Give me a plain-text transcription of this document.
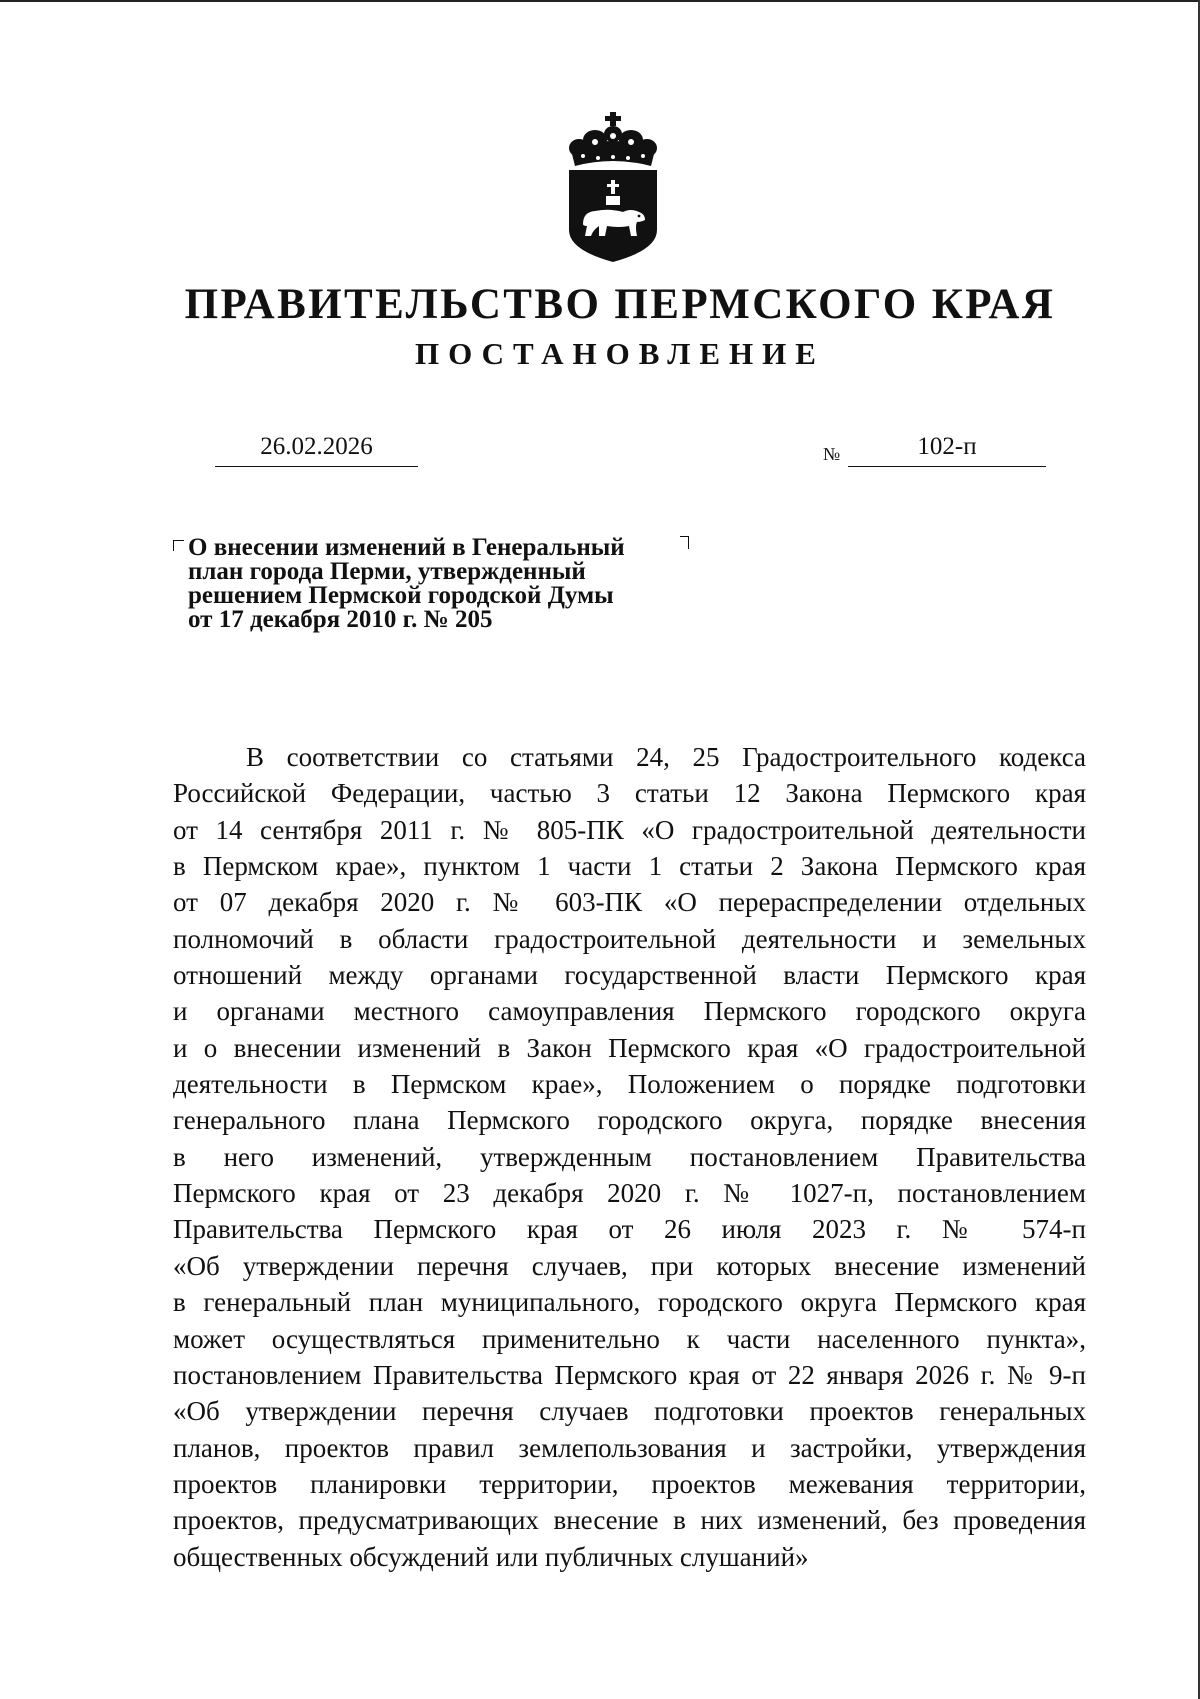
ПРАВИТЕЛЬСТВО ПЕРМСКОГО КРАЯ
ПОСТАНОВЛЕНИЕ
26.02.2026	№	102-п
О внесении изменений в Генеральный
план города Перми, утвержденный
решением Пермской городской Думы
от 17 декабря 2010 г. № 205
В соответствии со статьями 24, 25 Градостроительного кодекса
Российской Федерации, частью 3 статьи 12 Закона Пермского края
от 14 сентября 2011 г. № 805-ПК «О градостроительной деятельности
в Пермском крае», пунктом 1 части 1 статьи 2 Закона Пермского края
от 07 декабря 2020 г. № 603-ПК «О перераспределении отдельных
полномочий в области градостроительной деятельности и земельных
отношений между органами государственной власти Пермского края
и органами местного самоуправления Пермского городского округа
и о внесении изменений в Закон Пермского края «О градостроительной
деятельности в Пермском крае», Положением о порядке подготовки
генерального плана Пермского городского округа, порядке внесения
в него изменений, утвержденным постановлением Правительства
Пермского края от 23 декабря 2020 г. № 1027-п, постановлением
Правительства Пермского края от 26 июля 2023 г. № 574-п
«Об утверждении перечня случаев, при которых внесение изменений
в генеральный план муниципального, городского округа Пермского края
может осуществляться применительно к части населенного пункта»,
постановлением Правительства Пермского края от 22 января 2026 г. № 9-п
«Об утверждении перечня случаев подготовки проектов генеральных
планов, проектов правил землепользования и застройки, утверждения
проектов планировки территории, проектов межевания территории,
проектов, предусматривающих внесение в них изменений, без проведения
общественных обсуждений или публичных слушаний»
